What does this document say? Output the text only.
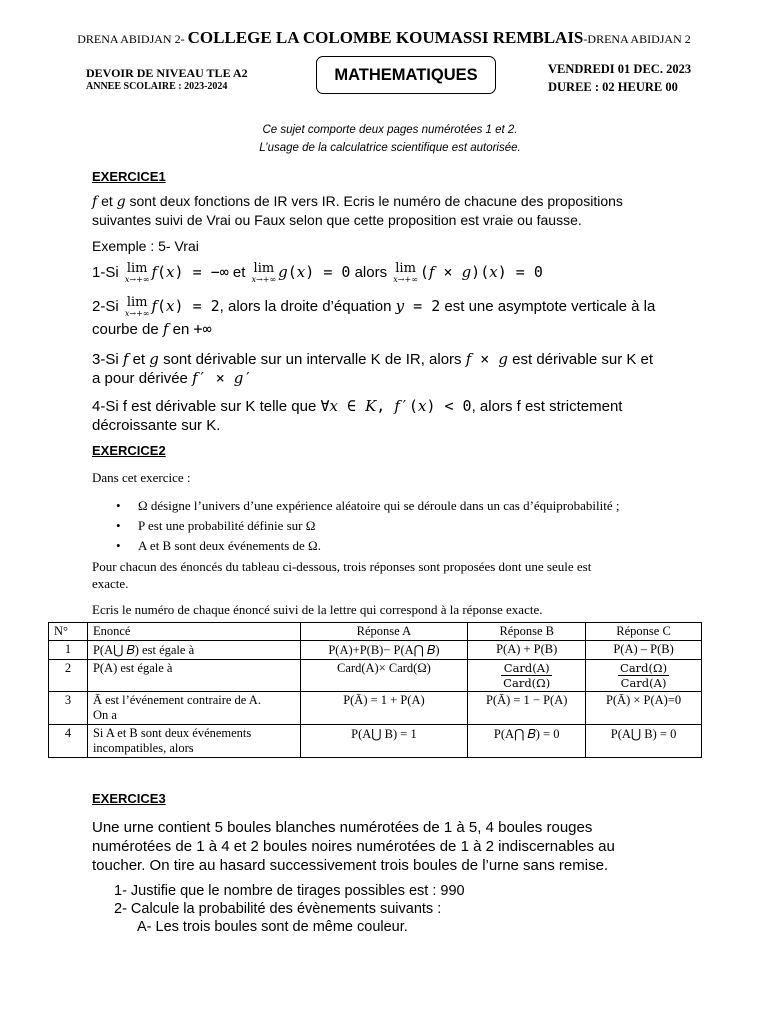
DRENA ABIDJAN 2- COLLEGE LA COLOMBE KOUMASSI REMBLAIS-DRENA ABIDJAN 2
DEVOIR DE NIVEAU TLE A2
ANNEE SCOLAIRE : 2023-2024
MATHEMATIQUES	VENDREDI 01 DEC. 2023
DUREE : 02 HEURE 00
Ce sujet comporte deux pages numérotées 1 et 2.
L’usage de la calculatrice scientifique est autorisée.
EXERCICE1
f et g sont deux fonctions de IR vers IR. Ecris le numéro de chacune des propositions
suivantes suivi de Vrai ou Faux selon que cette proposition est vraie ou fausse.
Exemple : 5- Vrai
1-Si lim
x→+∞ f(x) = −∞ et lim
x→+∞ g(x) = 0 alors lim
x→+∞ (f × g)(x) = 0
2-Si lim
x→+∞ f(x) = 2, alors la droite d’équation y = 2 est une asymptote verticale à la
courbe de f en +∞
3-Si f et g sont dérivable sur un intervalle K de IR, alors f × g est dérivable sur K et
a pour dérivée f′ × g′
4-Si f est dérivable sur K telle que ∀x ∈ K, f′(x) < 0, alors f est strictement
décroissante sur K.
EXERCICE2
Dans cet exercice :
• Ω désigne l’univers d’une expérience aléatoire qui se déroule dans un cas d’équiprobabilité ;
• P est une probabilité définie sur Ω
• A et B sont deux événements de Ω.
Pour chacun des énoncés du tableau ci-dessous, trois réponses sont proposées dont une seule est
exacte.
Ecris le numéro de chaque énoncé suivi de la lettre qui correspond à la réponse exacte.
N°	Enoncé	Réponse A	Réponse B	Réponse C
1	P(A⋃ 𝐵) est égale à	P(A)+P(B)− P(A⋂ 𝐵)	P(A) + P(B)	P(A) – P(B)
2	P(A) est égale à	Card(A)× Card(Ω)	$\frac{\text{Card(A)}}{\text{Card(Ω)}}$	$\frac{\text{Card(Ω)}}{\text{Card(A)}}$

3	Ā est l’événement contraire de A.
On a	P(Ā) = 1 + P(A)	P(Ā) = 1 − P(A)	P(Ā) × P(A)=0
4	Si A et B sont deux événements
incompatibles, alors	P(A⋃ B) = 1	P(A⋂ 𝐵) = 0	P(A⋃ B) = 0
EXERCICE3
Une urne contient 5 boules blanches numérotées de 1 à 5, 4 boules rouges
numérotées de 1 à 4 et 2 boules noires numérotées de 1 à 2 indiscernables au
toucher. On tire au hasard successivement trois boules de l’urne sans remise.
1- Justifie que le nombre de tirages possibles est : 990
2- Calcule la probabilité des évènements suivants :
A- Les trois boules sont de même couleur.
